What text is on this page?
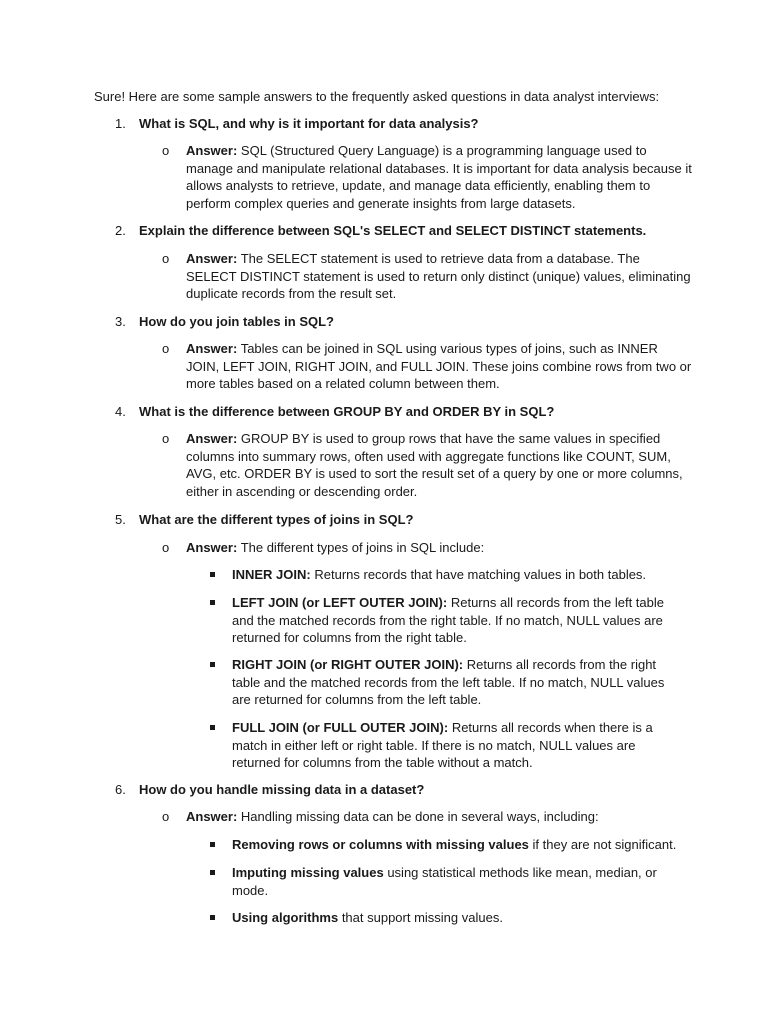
Sure! Here are some sample answers to the frequently asked questions in data analyst interviews:
1. What is SQL, and why is it important for data analysis?
o Answer: SQL (Structured Query Language) is a programming language used to manage and manipulate relational databases. It is important for data analysis because it allows analysts to retrieve, update, and manage data efficiently, enabling them to perform complex queries and generate insights from large datasets.
2. Explain the difference between SQL's SELECT and SELECT DISTINCT statements.
o Answer: The SELECT statement is used to retrieve data from a database. The SELECT DISTINCT statement is used to return only distinct (unique) values, eliminating duplicate records from the result set.
3. How do you join tables in SQL?
o Answer: Tables can be joined in SQL using various types of joins, such as INNER JOIN, LEFT JOIN, RIGHT JOIN, and FULL JOIN. These joins combine rows from two or more tables based on a related column between them.
4. What is the difference between GROUP BY and ORDER BY in SQL?
o Answer: GROUP BY is used to group rows that have the same values in specified columns into summary rows, often used with aggregate functions like COUNT, SUM, AVG, etc. ORDER BY is used to sort the result set of a query by one or more columns, either in ascending or descending order.
5. What are the different types of joins in SQL?
o Answer: The different types of joins in SQL include:
INNER JOIN: Returns records that have matching values in both tables.
LEFT JOIN (or LEFT OUTER JOIN): Returns all records from the left table and the matched records from the right table. If no match, NULL values are returned for columns from the right table.
RIGHT JOIN (or RIGHT OUTER JOIN): Returns all records from the right table and the matched records from the left table. If no match, NULL values are returned for columns from the left table.
FULL JOIN (or FULL OUTER JOIN): Returns all records when there is a match in either left or right table. If there is no match, NULL values are returned for columns from the table without a match.
6. How do you handle missing data in a dataset?
o Answer: Handling missing data can be done in several ways, including:
Removing rows or columns with missing values if they are not significant.
Imputing missing values using statistical methods like mean, median, or mode.
Using algorithms that support missing values.
